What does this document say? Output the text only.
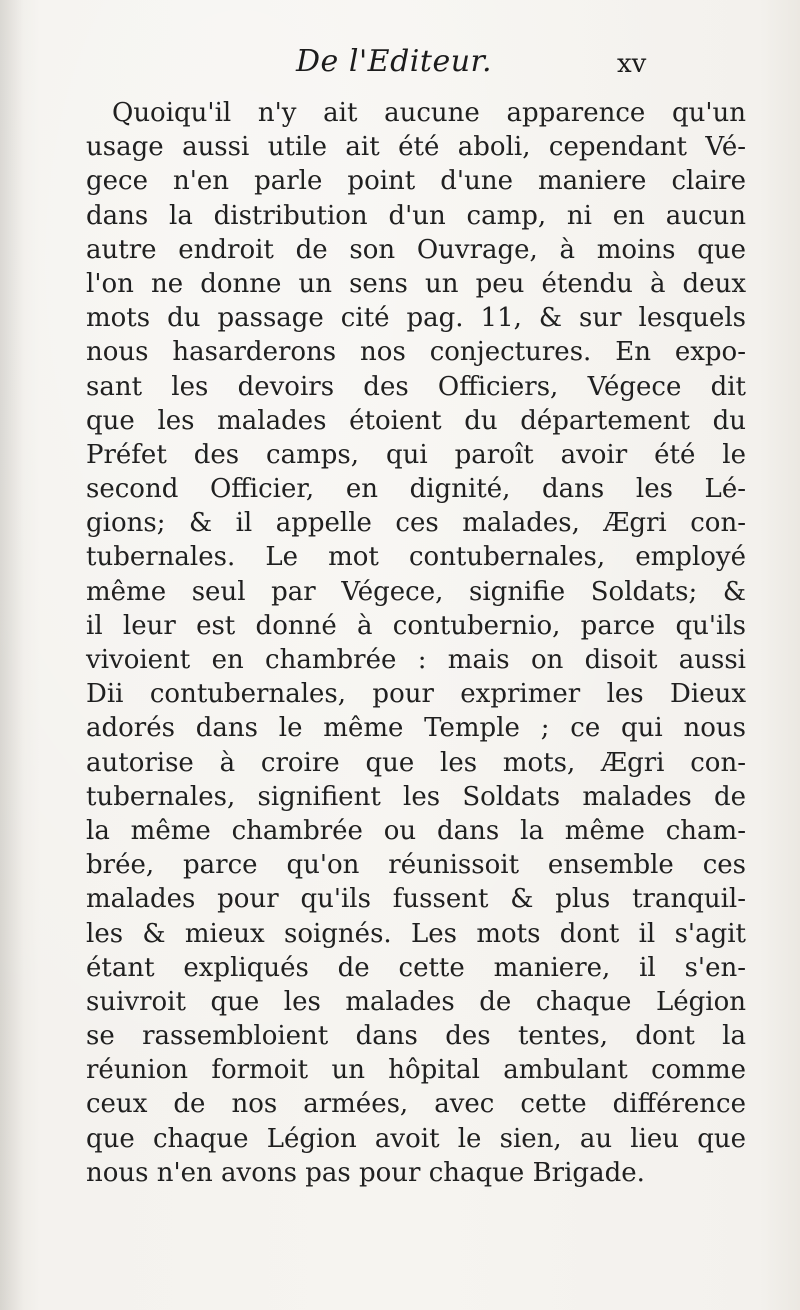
De l'Editeur.	xv
Quoiqu'il n'y ait aucune apparence qu'un
usage aussi utile ait été aboli, cependant Vé-
gece n'en parle point d'une maniere claire
dans la distribution d'un camp, ni en aucun
autre endroit de son Ouvrage, à moins que
l'on ne donne un sens un peu étendu à deux
mots du passage cité pag. 11, & sur lesquels
nous hasarderons nos conjectures. En expo-
sant les devoirs des Officiers, Végece dit
que les malades étoient du département du
Préfet des camps, qui paroît avoir été le
second Officier, en dignité, dans les Lé-
gions; & il appelle ces malades, Ægri con-
tubernales. Le mot contubernales, employé
même seul par Végece, signifie Soldats; &
il leur est donné à contubernio, parce qu'ils
vivoient en chambrée : mais on disoit aussi
Dii contubernales, pour exprimer les Dieux
adorés dans le même Temple ; ce qui nous
autorise à croire que les mots, Ægri con-
tubernales, signifient les Soldats malades de
la même chambrée ou dans la même cham-
brée, parce qu'on réunissoit ensemble ces
malades pour qu'ils fussent & plus tranquil-
les & mieux soignés. Les mots dont il s'agit
étant expliqués de cette maniere, il s'en-
suivroit que les malades de chaque Légion
se rassembloient dans des tentes, dont la
réunion formoit un hôpital ambulant comme
ceux de nos armées, avec cette différence
que chaque Légion avoit le sien, au lieu que
nous n'en avons pas pour chaque Brigade.
